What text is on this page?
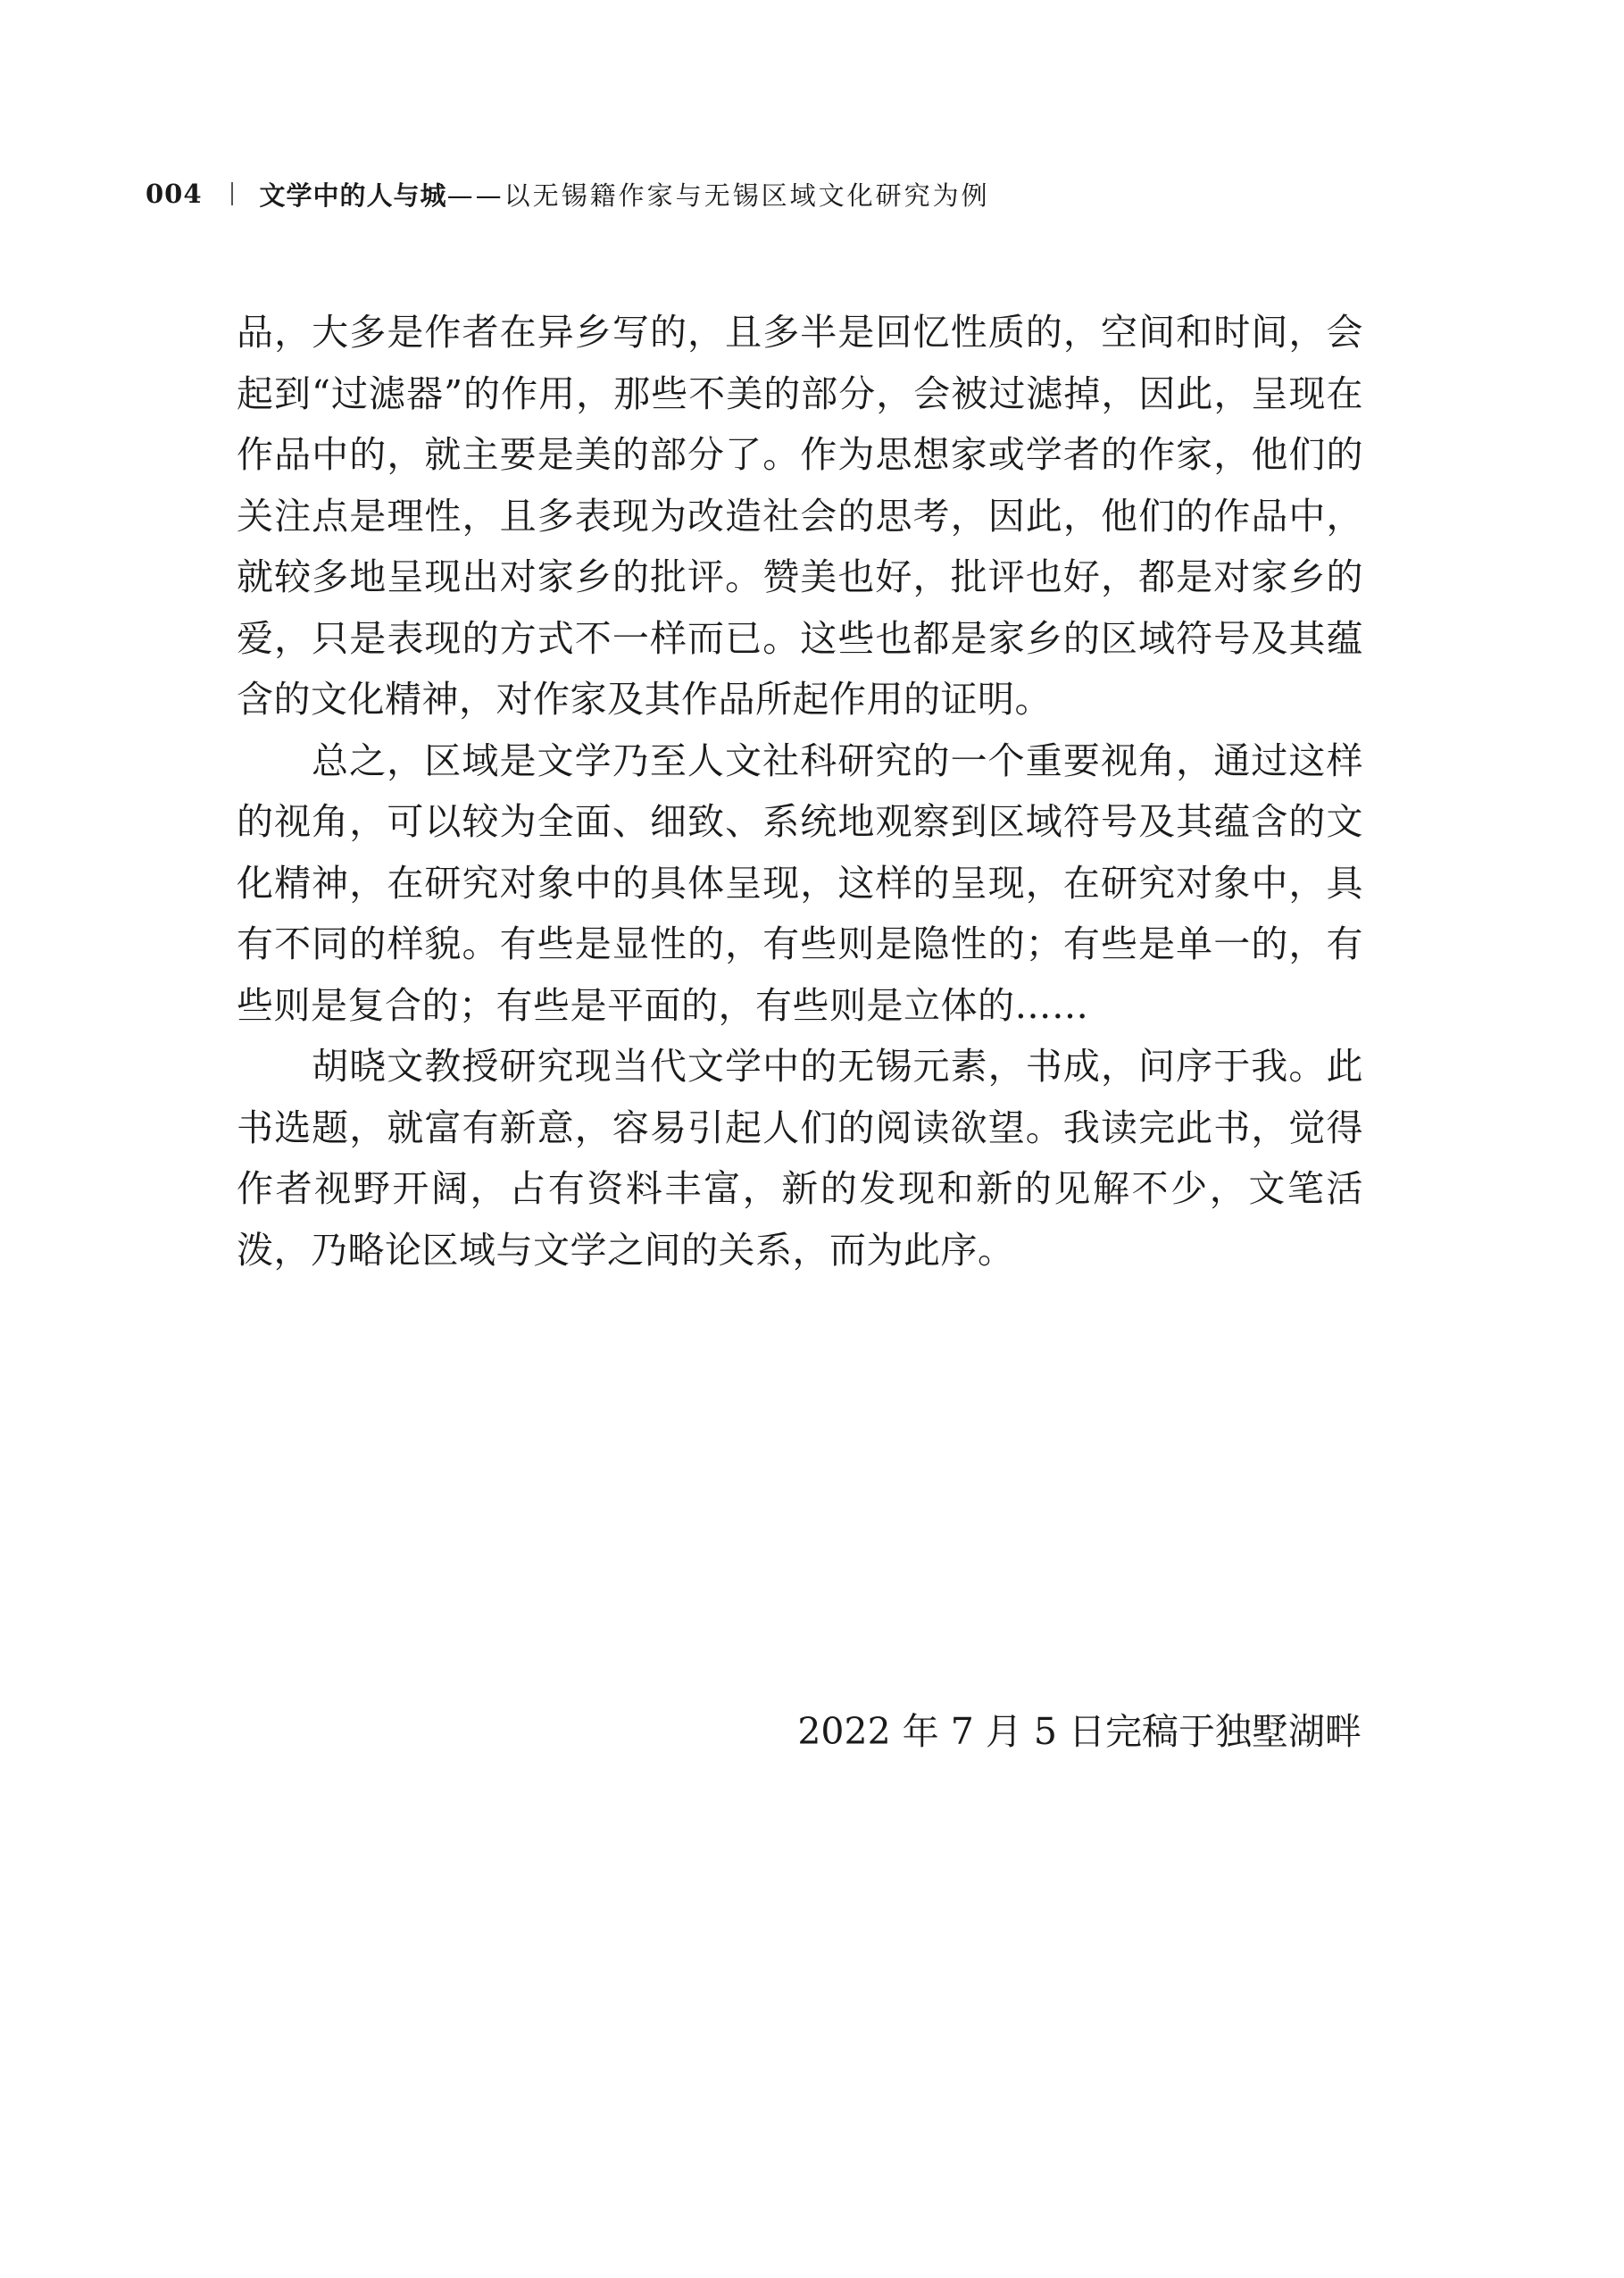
004 文学中的人与城 ——以无锡籍作家与无锡区域文化研究为例

品，大多是作者在异乡写的，且多半是回忆性质的，空间和时间，会起到“过滤器”的作用，那些不美的部分，会被过滤掉，因此，呈现在作品中的，就主要是美的部分了。作为思想家或学者的作家，他们的关注点是理性，且多表现为改造社会的思考，因此，他们的作品中，就较多地呈现出对家乡的批评。赞美也好，批评也好，都是对家乡的爱，只是表现的方式不一样而已。这些也都是家乡的区域符号及其蕴含的文化精神，对作家及其作品所起作用的证明。

总之，区域是文学乃至人文社科研究的一个重要视角，通过这样的视角，可以较为全面、细致、系统地观察到区域符号及其蕴含的文化精神，在研究对象中的具体呈现，这样的呈现，在研究对象中，具有不同的样貌。有些是显性的，有些则是隐性的；有些是单一的，有些则是复合的；有些是平面的，有些则是立体的……

胡晓文教授研究现当代文学中的无锡元素，书成，问序于我。此书选题，就富有新意，容易引起人们的阅读欲望。我读完此书，觉得作者视野开阔，占有资料丰富，新的发现和新的见解不少，文笔活泼，乃略论区域与文学之间的关系，而为此序。

2022 年 7 月 5 日完稿于独墅湖畔
